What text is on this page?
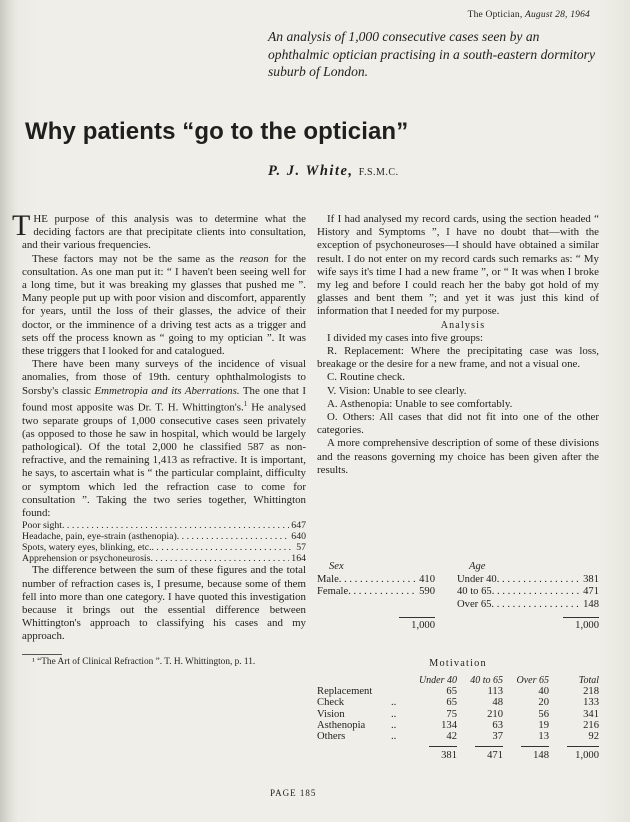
The Optician, August 28, 1964
An analysis of 1,000 consecutive cases seen by an ophthalmic optician practising in a south-eastern dormitory suburb of London.
Why patients “go to the optician”
P. J. White, F.S.M.C.

THE purpose of this analysis was to determine what the deciding factors are that precipitate clients into consultation, and their various frequencies.

These factors may not be the same as the reason for the consultation. As one man put it: “ I haven't been seeing well for a long time, but it was breaking my glasses that pushed me ”. Many people put up with poor vision and discomfort, apparently for years, until the loss of their glasses, the advice of their doctor, or the imminence of a driving test acts as a trigger and sets off the process known as “ going to my optician ”. It was these triggers that I looked for and catalogued.

There have been many surveys of the incidence of visual anomalies, from those of 19th. century ophthalmologists to Sorsby's classic Emmetropia and its Aberrations. The one that I found most apposite was Dr. T. H. Whittington's.$^1$ He analysed two separate groups of 1,000 consecutive cases seen privately (as opposed to those he saw in hospital, which would be largely pathological). Of the total 2,000 he classified 587 as non-refractive, and the remaining 1,413 as refractive. It is important, he says, to ascertain what is “ the particular complaint, difficulty or symptom which led the refraction case to come for consultation ”. Taking the two series together, Whittington found:

Poor sight . . .	647
Headache, pain, eye-strain (asthenopia) . . .	640
Spots, watery eyes, blinking, etc. . . .	57
Apprehension or psychoneurosis . . .	164

The difference between the sum of these figures and the total number of refraction cases is, I presume, because some of them fell into more than one category. I have quoted this investigation because it brings out the essential difference between Whittington's approach to classifying his cases and my approach.

¹ “The Art of Clinical Refraction ”. T. H. Whittington, p. 11.

If I had analysed my record cards, using the section headed “ History and Symptoms ”, I have no doubt that—with the exception of psychoneuroses—I should have obtained a similar result. I do not enter on my record cards such remarks as: “ My wife says it's time I had a new frame ”, or “ It was when I broke my leg and before I could reach her the baby got hold of my glasses and bent them ”; and yet it was just this kind of information that I needed for my purpose.

Analysis

I divided my cases into five groups:

R. Replacement: Where the precipitating case was loss, breakage or the desire for a new frame, and not a visual one.

C. Routine check.

V. Vision: Unable to see clearly.

A. Asthenopia: Unable to see comfortably.

O. Others: All cases that did not fit into one of the other categories.

A more comprehensive description of some of these divisions and the reasons governing my choice has been given after the results.

Sex
Male . . .	410
Female . . .	590
1,000
Age
Under 40 . . .	381
40 to 65 . . .	471
Over 65 . . .	148
1,000
Motivation
		Under 40	40 to 65	Over 65	Total
Replacement		65	113	40	218
Check	..	65	48	20	133
Vision	..	75	210	56	341
Asthenopia	..	134	63	19	216
Others	..	42	37	13	92

		381	471	148	1,000
PAGE 185
